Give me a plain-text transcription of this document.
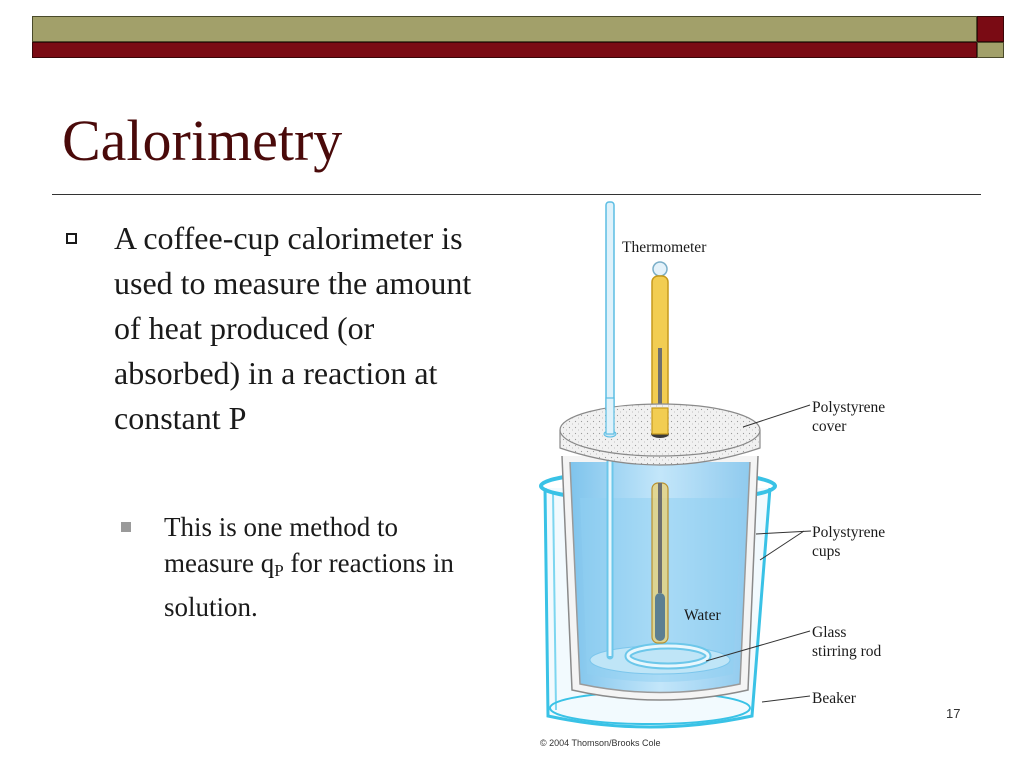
Calorimetry
A coffee-cup calorimeter is used to measure the amount of heat produced (or absorbed) in a reaction at constant P
This is one method to measure $q_P$ for reactions in solution.
Thermometer
Polystyrene
cover
Polystyrene
cups
Water
Glass
stirring rod
Beaker
© 2004 Thomson/Brooks Cole
17
